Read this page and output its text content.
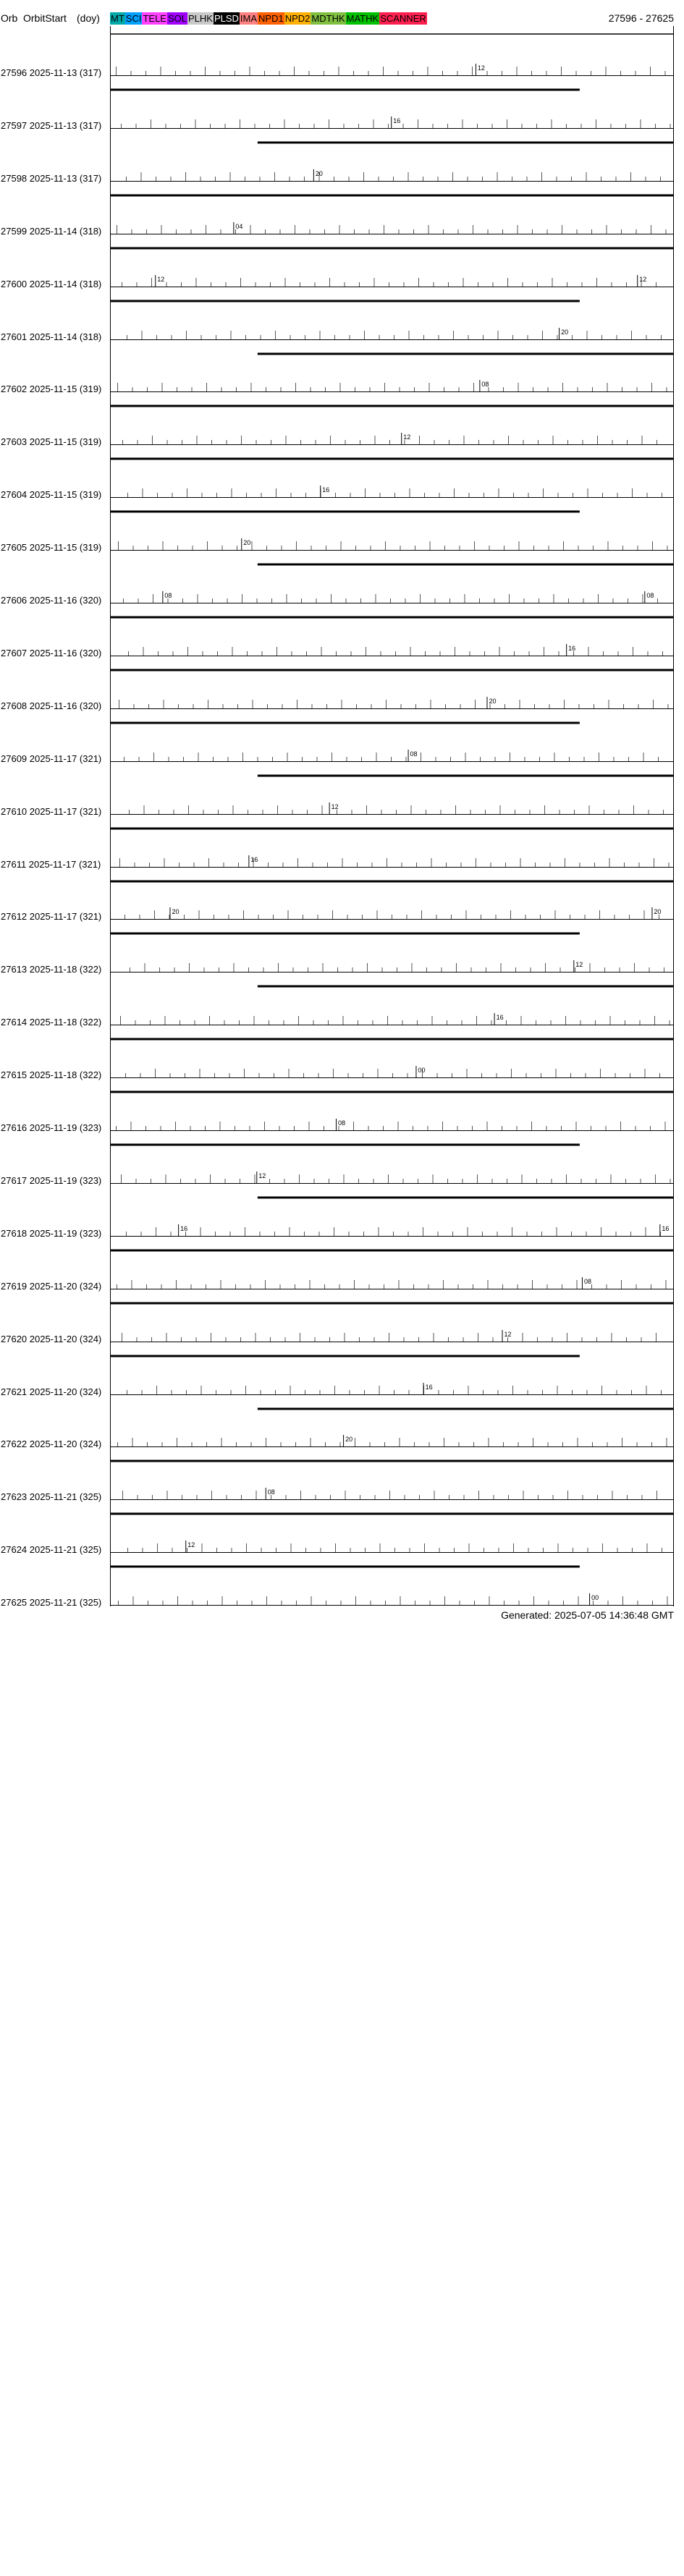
Orb OrbitStart (doy) MT SCI TELE SOL PLHK PLSD IMA NPD1 NPD2 MDTHK MATHK SCANNER	27596 - 27625
27596 2025-11-13 (317)	12
27597 2025-11-13 (317)	16
27598 2025-11-13 (317)	20
27599 2025-11-14 (318)	04
27600 2025-11-14 (318)	12	12
27601 2025-11-14 (318)	20
27602 2025-11-15 (319)	08
27603 2025-11-15 (319)	12
27604 2025-11-15 (319)	16
27605 2025-11-15 (319)	20
27606 2025-11-16 (320)	08	08
27607 2025-11-16 (320)	16
27608 2025-11-16 (320)	20
27609 2025-11-17 (321)	08
27610 2025-11-17 (321)	12
27611 2025-11-17 (321)	16
27612 2025-11-17 (321)	20	20
27613 2025-11-18 (322)	12
27614 2025-11-18 (322)	16
27615 2025-11-18 (322)	00
27616 2025-11-19 (323)	08
27617 2025-11-19 (323)	12
27618 2025-11-19 (323)	16	16
27619 2025-11-20 (324)	08
27620 2025-11-20 (324)	12
27621 2025-11-20 (324)	16
27622 2025-11-20 (324)	20
27623 2025-11-21 (325)	08
27624 2025-11-21 (325)	12
27625 2025-11-21 (325)	00
Generated: 2025-07-05 14:36:48 GMT
